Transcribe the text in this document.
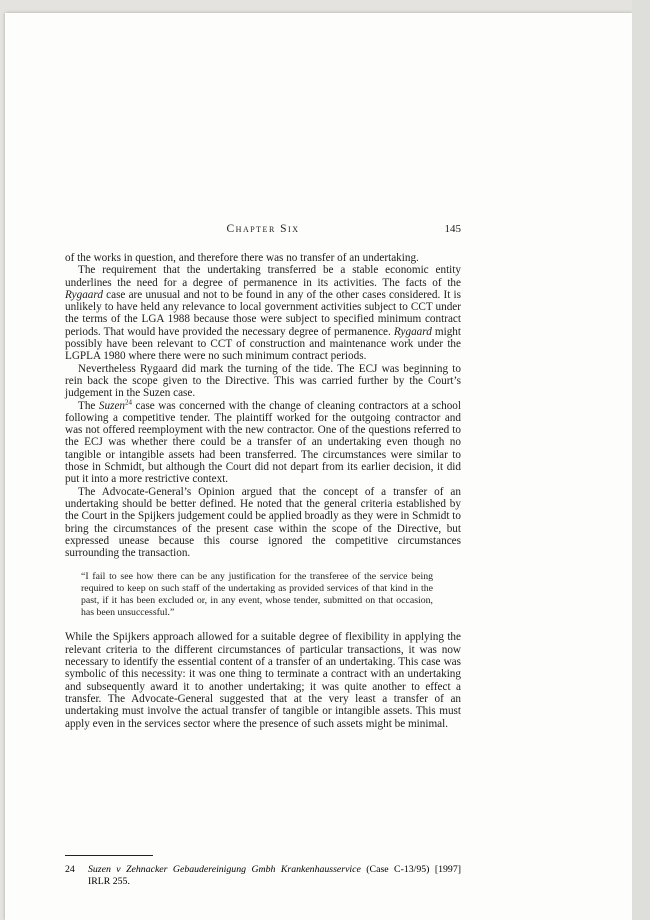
Chapter Six	145

of the works in question, and therefore there was no transfer of an undertaking.

The requirement that the undertaking transferred be a stable economic entity underlines the need for a degree of permanence in its activities. The facts of the Rygaard case are unusual and not to be found in any of the other cases considered. It is unlikely to have held any relevance to local government activities subject to CCT under the terms of the LGA 1988 because those were subject to specified minimum contract periods. That would have provided the necessary degree of permanence. Rygaard might possibly have been relevant to CCT of construction and maintenance work under the LGPLA 1980 where there were no such minimum contract periods.

Nevertheless Rygaard did mark the turning of the tide. The ECJ was beginning to rein back the scope given to the Directive. This was carried further by the Court’s judgement in the Suzen case.

The Suzen$^{24}$ case was concerned with the change of cleaning contractors at a school following a competitive tender. The plaintiff worked for the outgoing contractor and was not offered reemployment with the new contractor. One of the questions referred to the ECJ was whether there could be a transfer of an undertaking even though no tangible or intangible assets had been transferred. The circumstances were similar to those in Schmidt, but although the Court did not depart from its earlier decision, it did put it into a more restrictive context.

The Advocate-General’s Opinion argued that the concept of a transfer of an undertaking should be better defined. He noted that the general criteria established by the Court in the Spijkers judgement could be applied broadly as they were in Schmidt to bring the circumstances of the present case within the scope of the Directive, but expressed unease because this course ignored the competitive circumstances surrounding the transaction.

“I fail to see how there can be any justification for the transferee of the service being required to keep on such staff of the undertaking as provided services of that kind in the past, if it has been excluded or, in any event, whose tender, submitted on that occasion, has been unsuccessful.”

While the Spijkers approach allowed for a suitable degree of flexibility in applying the relevant criteria to the different circumstances of particular transactions, it was now necessary to identify the essential content of a transfer of an undertaking. This case was symbolic of this necessity: it was one thing to terminate a contract with an undertaking and subsequently award it to another undertaking; it was quite another to effect a transfer. The Advocate-General suggested that at the very least a transfer of an undertaking must involve the actual transfer of tangible or intangible assets. This must apply even in the services sector where the presence of such assets might be minimal.

24 Suzen v Zehnacker Gebaudereinigung Gmbh Krankenhausservice (Case C-13/95) [1997] IRLR 255.
